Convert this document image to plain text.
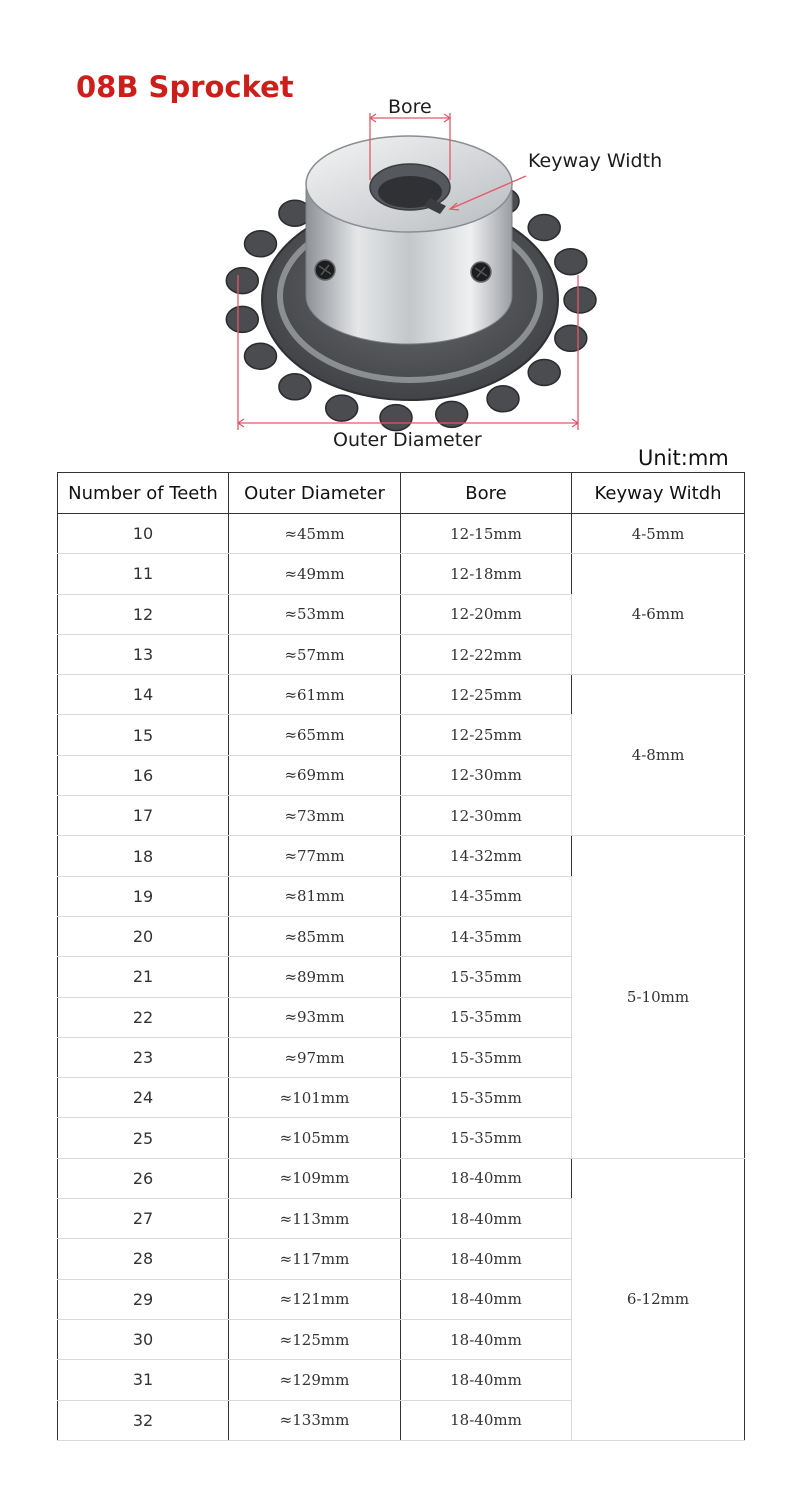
08B Sprocket
Bore
Keyway Width
Outer Diameter
Unit:mm
Number of Teeth	Outer Diameter	Bore	Keyway Witdh
10	≈45mm	12-15mm	4-5mm
11	≈49mm	12-18mm	4-6mm
12	≈53mm	12-20mm	
13	≈57mm	12-22mm	
14	≈61mm	12-25mm	4-8mm
15	≈65mm	12-25mm	
16	≈69mm	12-30mm	
17	≈73mm	12-30mm	
18	≈77mm	14-32mm	5-10mm
19	≈81mm	14-35mm	
20	≈85mm	14-35mm	
21	≈89mm	15-35mm	
22	≈93mm	15-35mm	
23	≈97mm	15-35mm	
24	≈101mm	15-35mm	
25	≈105mm	15-35mm	
26	≈109mm	18-40mm	6-12mm
27	≈113mm	18-40mm	
28	≈117mm	18-40mm	
29	≈121mm	18-40mm	
30	≈125mm	18-40mm	
31	≈129mm	18-40mm	
32	≈133mm	18-40mm	
